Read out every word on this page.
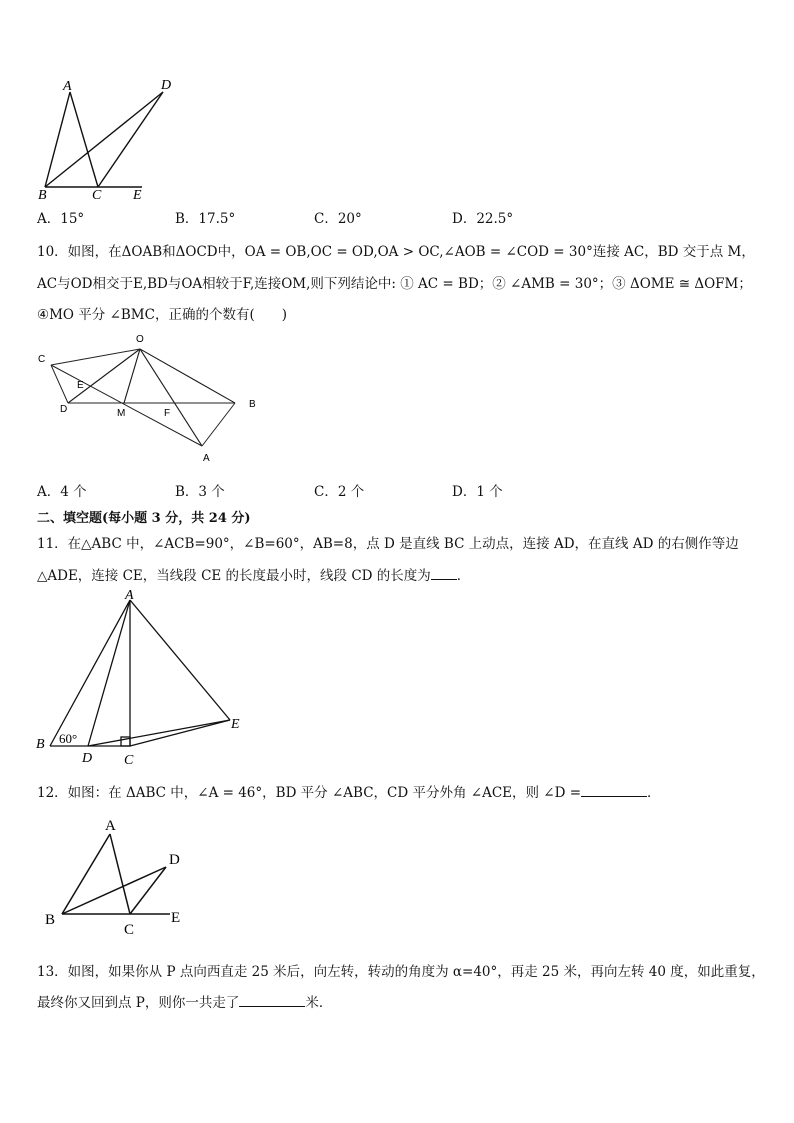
A	D
B	C E
A．15°	B．17.5°	C．20°	D．22.5°
10．如图，在ΔOAB和ΔOCD中，OA = OB,OC = OD,OA > OC,∠AOB = ∠COD = 30°连接 AC，BD 交于点 M，
AC与OD相交于E,BD与OA相较于F,连接OM,则下列结论中: ① AC = BD；② ∠AMB = 30°；③ ΔOME ≅ ΔOFM；
④MO 平分 ∠BMC，正确的个数有(　　)
O
C
E
D	M	F
B
A
A．4 个	B．3 个	C．2 个	D．1 个
二、填空题(每小题 3 分，共 24 分)
11．在△ABC 中，∠ACB=90°，∠B=60°，AB=8，点 D 是直线 BC 上动点，连接 AD，在直线 AD 的右侧作等边
△ADE，连接 CE，当线段 CE 的长度最小时，线段 CD 的长度为 ．
A
B
D C
E
60°
12．如图：在 ΔABC 中，∠A = 46°，BD 平分 ∠ABC，CD 平分外角 ∠ACE，则 ∠D =	．
A
D
B
C
E
13．如图，如果你从 P 点向西直走 25 米后，向左转，转动的角度为 α=40°，再走 25 米，再向左转 40 度，如此重复，
最终你又回到点 P，则你一共走了	米．
